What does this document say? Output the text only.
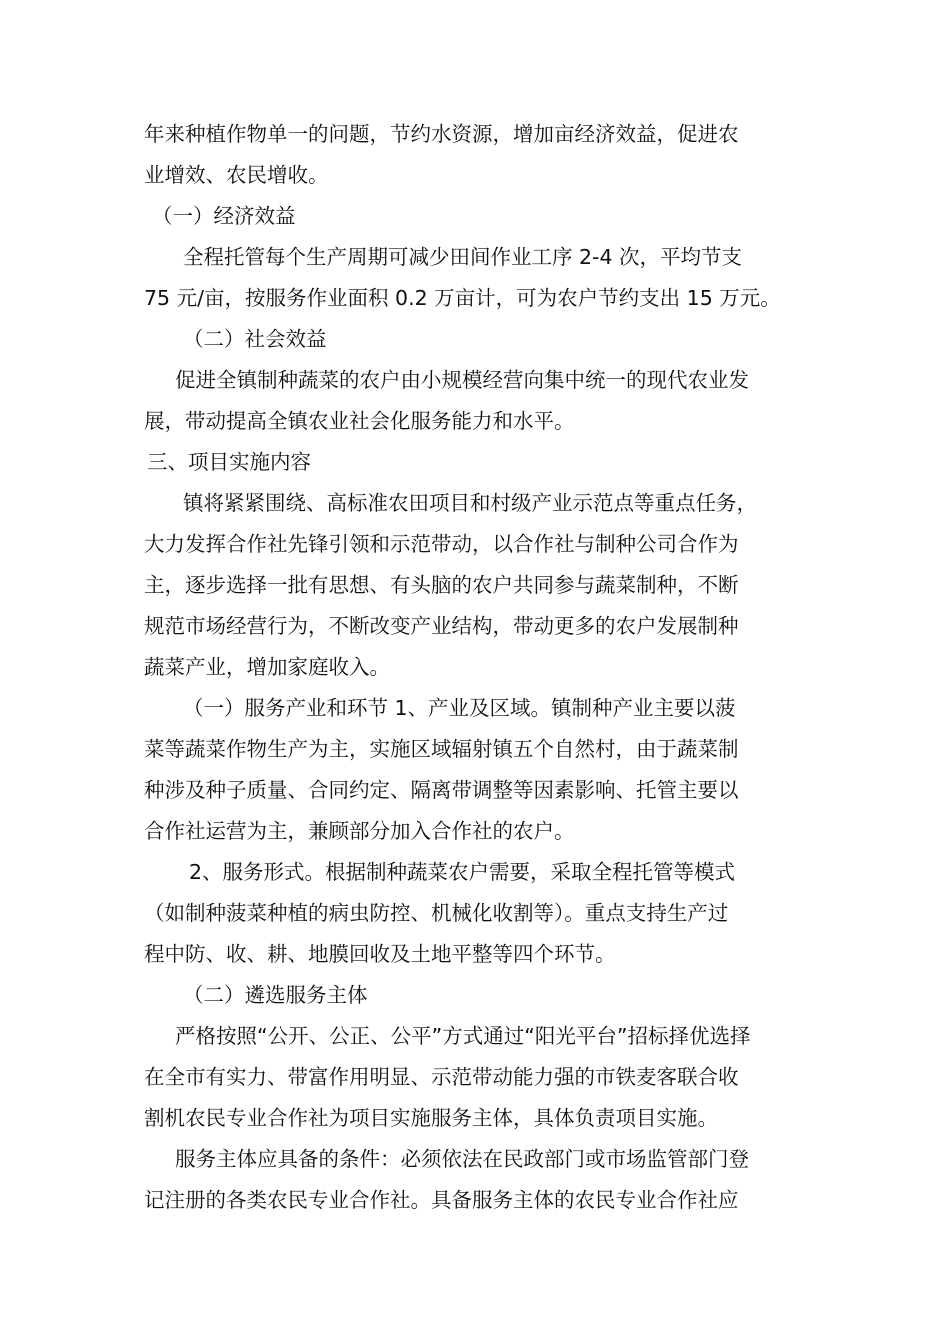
年来种植作物单一的问题，节约水资源，增加亩经济效益，促进农
业增效、农民增收。
（一）经济效益
全程托管每个生产周期可减少田间作业工序 2-4 次，平均节支
75 元/亩，按服务作业面积 0.2 万亩计，可为农户节约支出 15 万元。
（二）社会效益
促进全镇制种蔬菜的农户由小规模经营向集中统一的现代农业发
展，带动提高全镇农业社会化服务能力和水平。
三、项目实施内容
镇将紧紧围绕、高标准农田项目和村级产业示范点等重点任务，
大力发挥合作社先锋引领和示范带动，以合作社与制种公司合作为
主，逐步选择一批有思想、有头脑的农户共同参与蔬菜制种，不断
规范市场经营行为，不断改变产业结构，带动更多的农户发展制种
蔬菜产业，增加家庭收入。
（一）服务产业和环节 1、产业及区域。镇制种产业主要以菠
菜等蔬菜作物生产为主，实施区域辐射镇五个自然村，由于蔬菜制
种涉及种子质量、合同约定、隔离带调整等因素影响、托管主要以
合作社运营为主，兼顾部分加入合作社的农户。
2、服务形式。根据制种蔬菜农户需要，采取全程托管等模式
（如制种菠菜种植的病虫防控、机械化收割等）。重点支持生产过
程中防、收、耕、地膜回收及土地平整等四个环节。
（二）遴选服务主体
严格按照“公开、公正、公平”方式通过“阳光平台”招标择优选择
在全市有实力、带富作用明显、示范带动能力强的市铁麦客联合收
割机农民专业合作社为项目实施服务主体，具体负责项目实施。
服务主体应具备的条件：必须依法在民政部门或市场监管部门登
记注册的各类农民专业合作社。具备服务主体的农民专业合作社应
